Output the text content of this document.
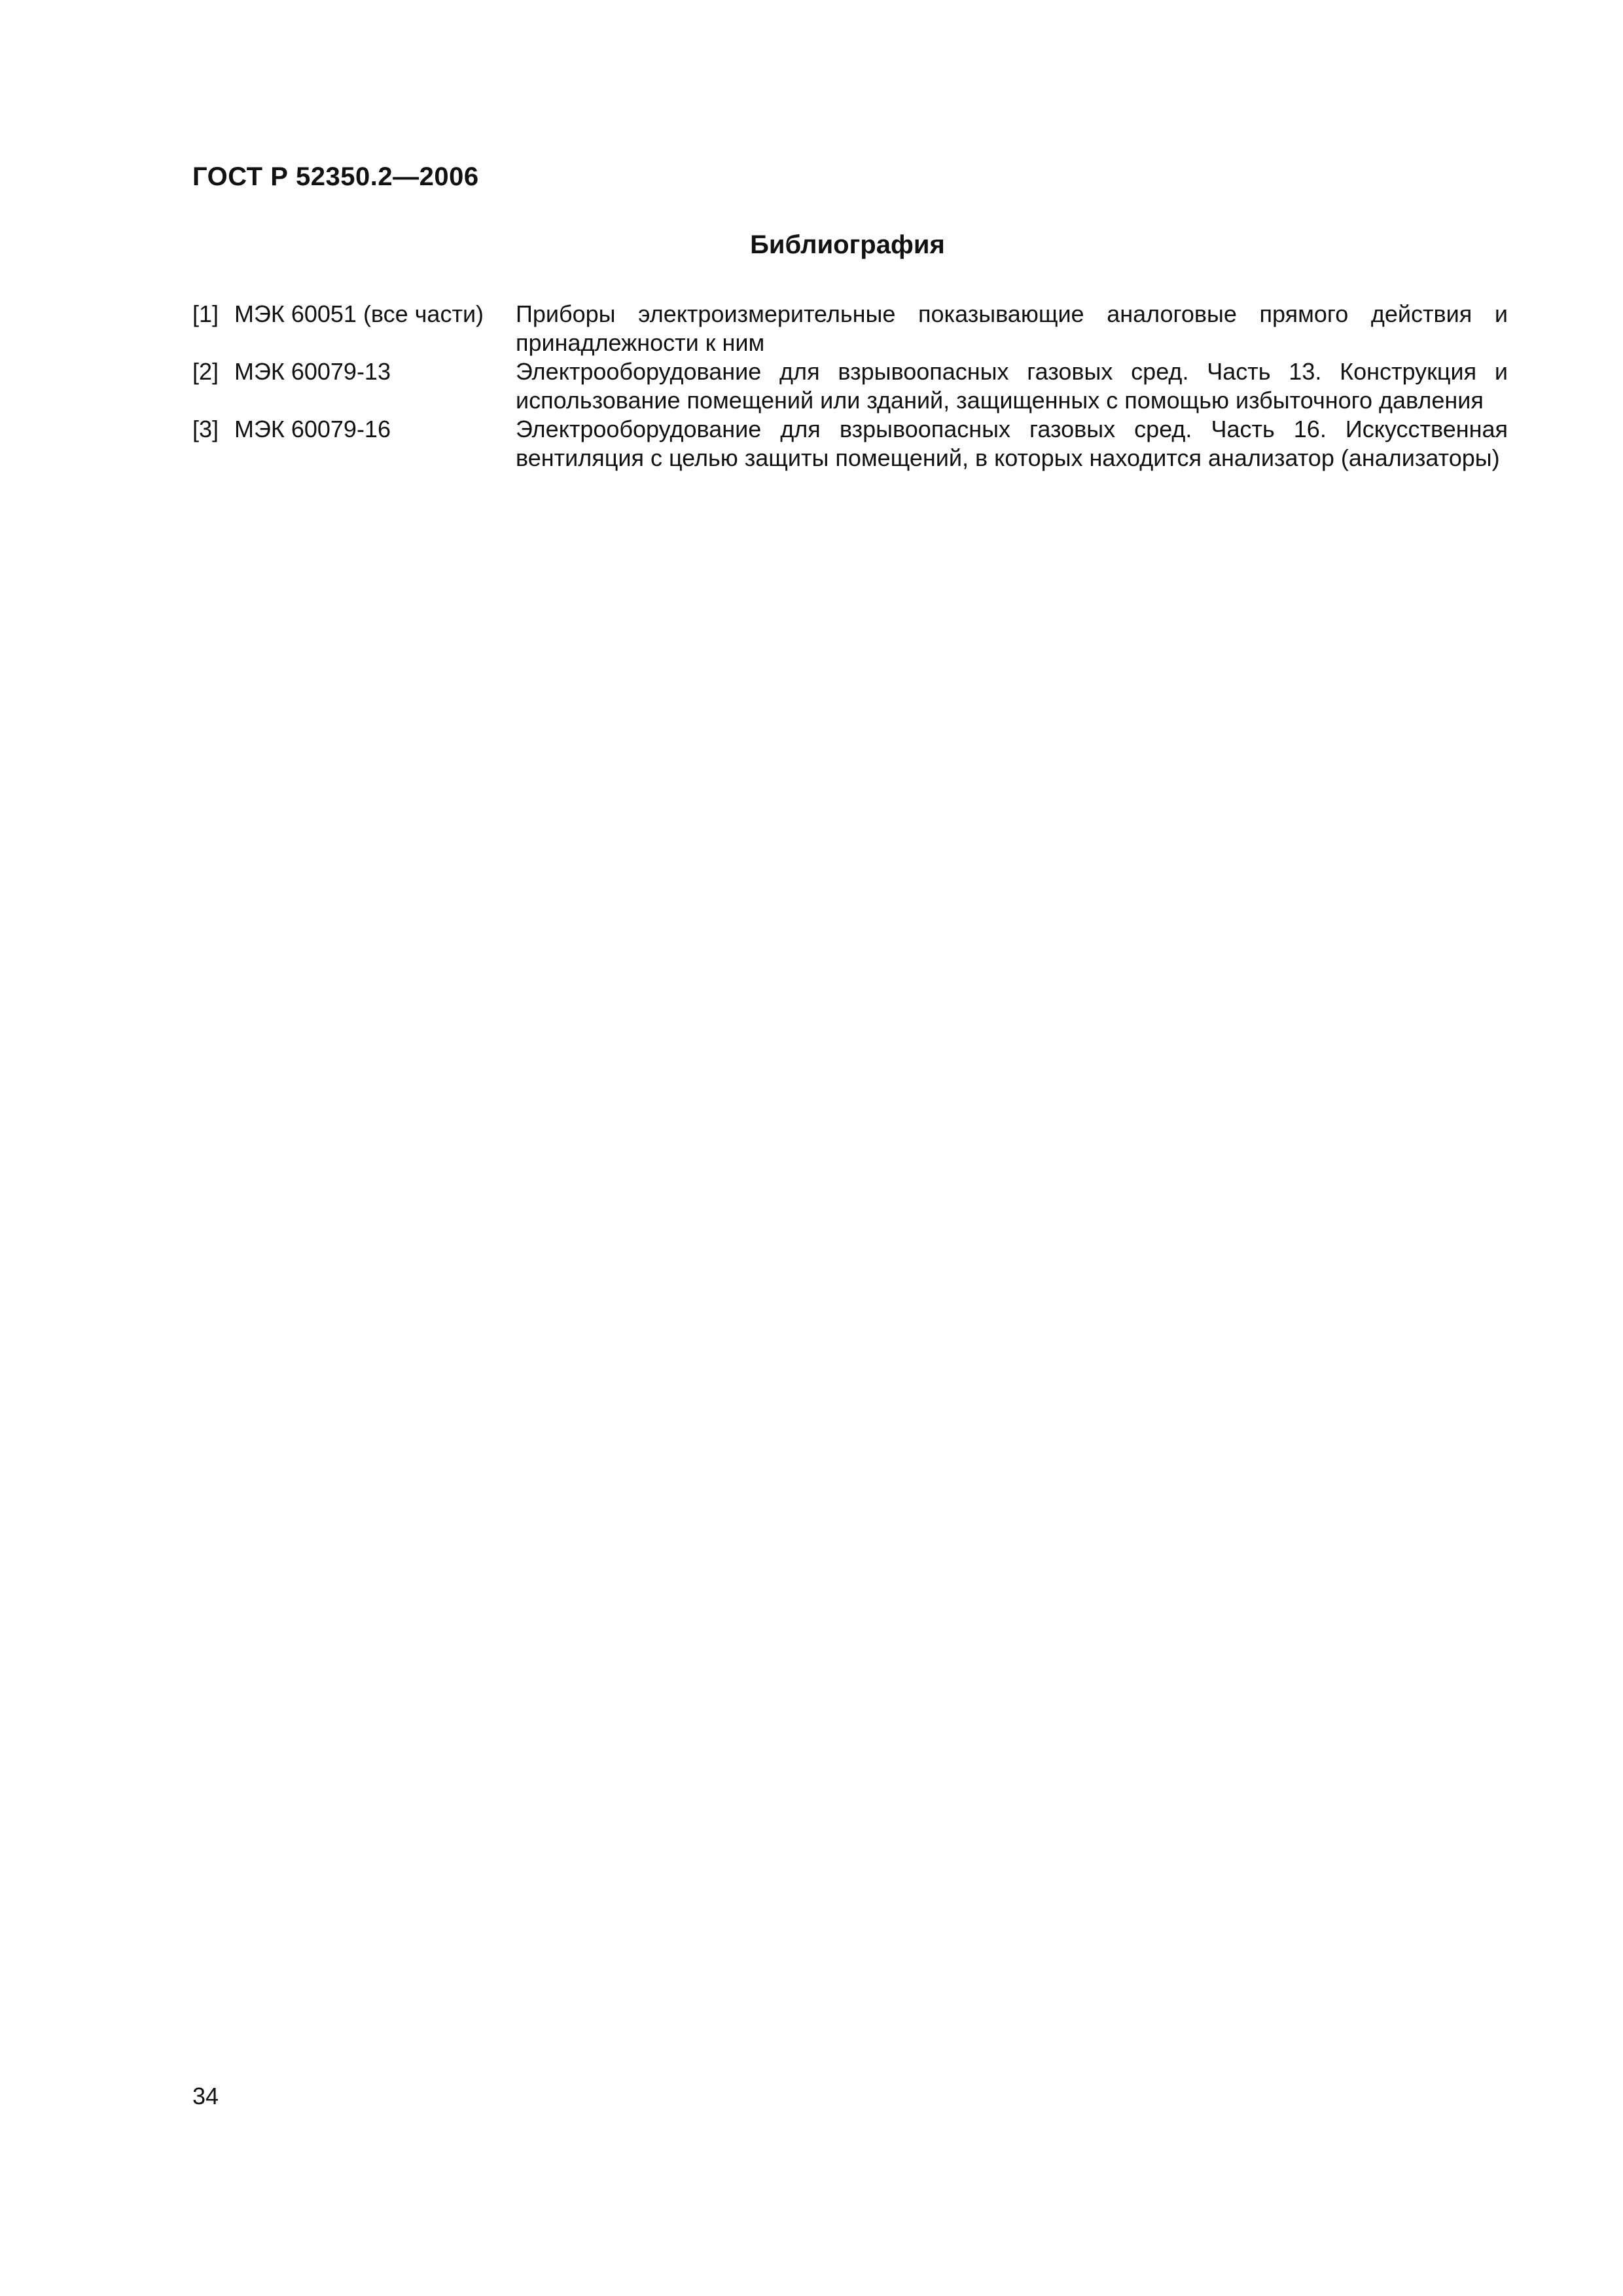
ГОСТ Р 52350.2—2006
Библиография
[1] МЭК 60051 (все части)	Приборы электроизмерительные показывающие аналоговые прямого действия и принадлежности к ним
[2] МЭК 60079-13	Электрооборудование для взрывоопасных газовых сред. Часть 13. Конструкция и использование помещений или зданий, защищенных с помощью избыточного давления
[3] МЭК 60079-16	Электрооборудование для взрывоопасных газовых сред. Часть 16. Искусственная вентиляция с целью защиты помещений, в которых находится анализатор (анализаторы)
34
